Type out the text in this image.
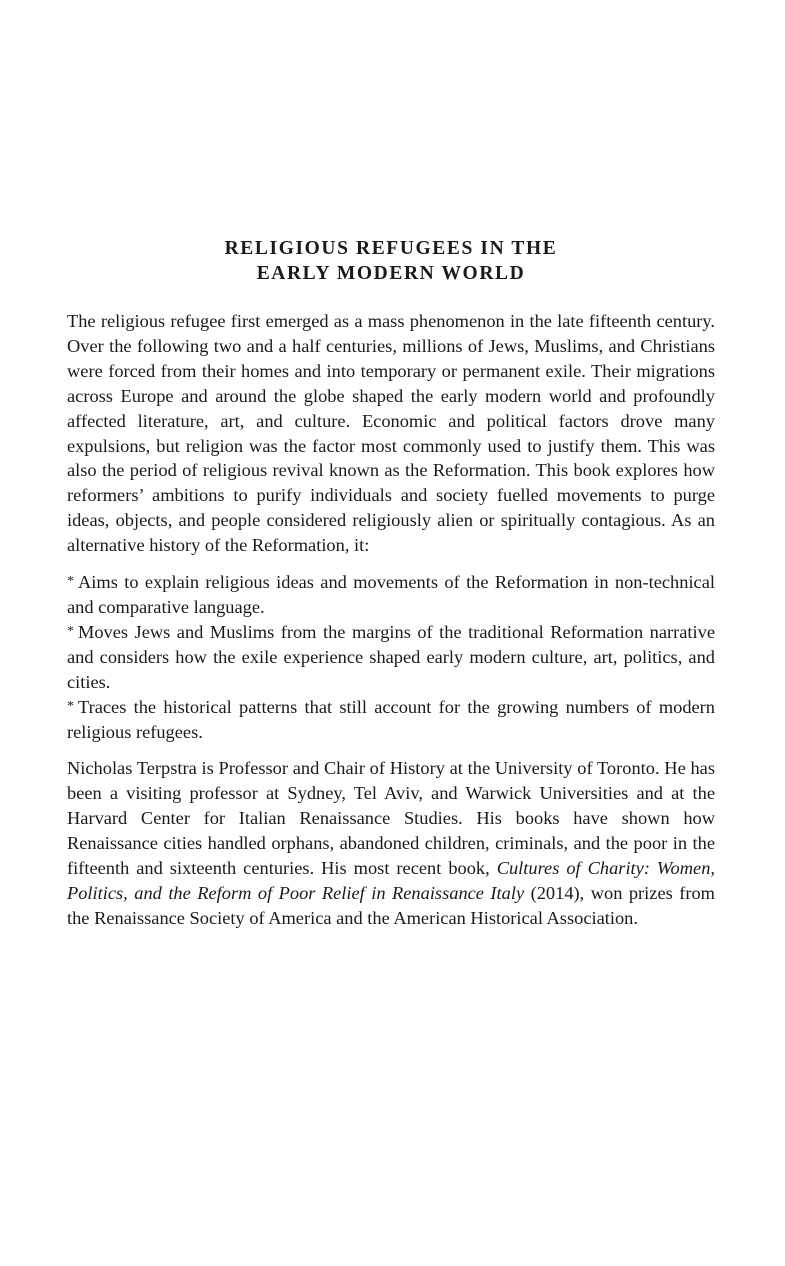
RELIGIOUS REFUGEES IN THE
EARLY MODERN WORLD

The religious refugee first emerged as a mass phenomenon in the late fifteenth century. Over the following two and a half centuries, millions of Jews, Muslims, and Christians were forced from their homes and into temporary or permanent exile. Their migrations across Europe and around the globe shaped the early modern world and profoundly affected literature, art, and culture. Economic and political factors drove many expulsions, but religion was the factor most commonly used to justify them. This was also the period of religious revival known as the Reformation. This book explores how reformers’ ambitions to purify individuals and society fuelled movements to purge ideas, objects, and people considered religiously alien or spiritually contagious. As an alternative history of the Reformation, it:

* Aims to explain religious ideas and movements of the Reformation in non-technical and comparative language.

* Moves Jews and Muslims from the margins of the traditional Reformation narrative and considers how the exile experience shaped early modern culture, art, politics, and cities.

* Traces the historical patterns that still account for the growing numbers of modern religious refugees.

Nicholas Terpstra is Professor and Chair of History at the University of Toronto. He has been a visiting professor at Sydney, Tel Aviv, and Warwick Universities and at the Harvard Center for Italian Renaissance Studies. His books have shown how Renaissance cities handled orphans, abandoned children, criminals, and the poor in the fifteenth and sixteenth centuries. His most recent book, Cultures of Charity: Women, Politics, and the Reform of Poor Relief in Renaissance Italy (2014), won prizes from the Renaissance Society of America and the American Historical Association.
